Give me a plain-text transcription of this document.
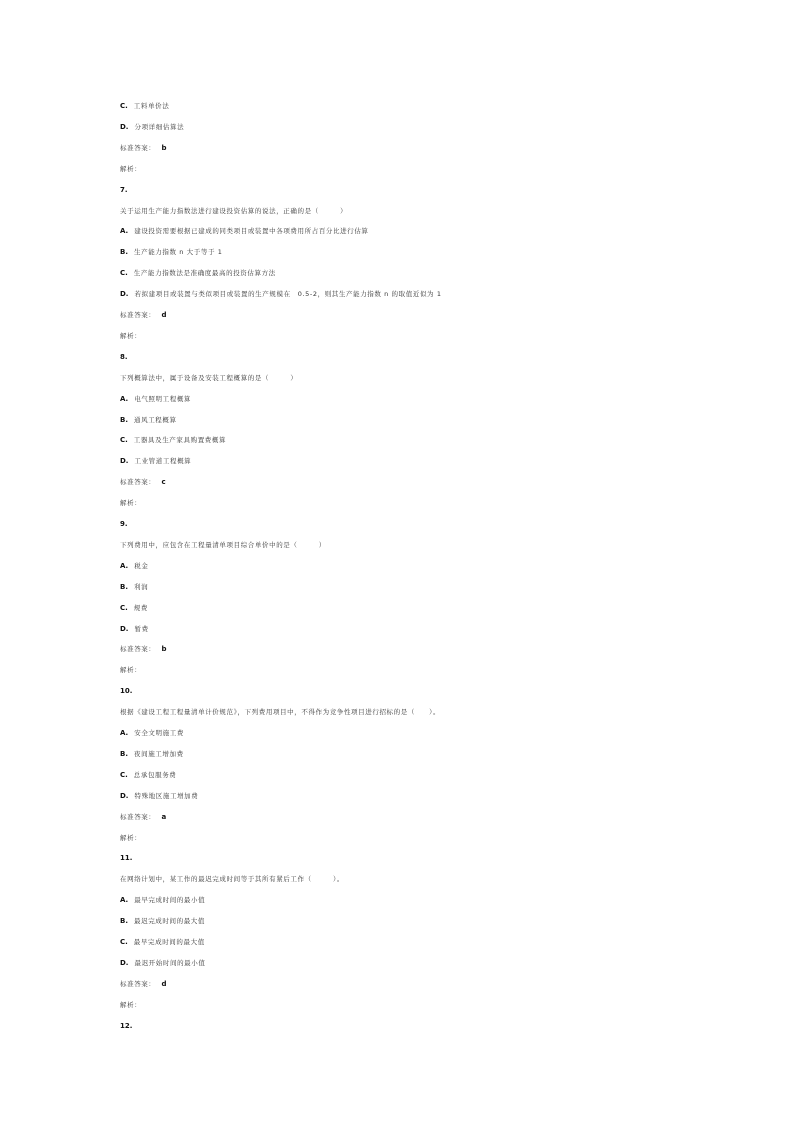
C. 工料单价法
D. 分项详细估算法
标准答案： b
解析：
7.
关于运用生产能力指数法进行建设投资估算的说法，正确的是（　　　）
A. 建设投资需要根据已建成的同类项目或装置中各项费用所占百分比进行估算
B. 生产能力指数 n 大于等于 1
C. 生产能力指数法是准确度最高的投资估算方法
D. 若拟建项目或装置与类似项目或装置的生产规模在　0.5-2，则其生产能力指数 n 的取值近似为 1
标准答案： d
解析：
8.
下列概算法中，属于设备及安装工程概算的是（　　　）
A. 电气照明工程概算
B. 通风工程概算
C. 工器具及生产家具购置费概算
D. 工业管道工程概算
标准答案： c
解析：
9.
下列费用中，应包含在工程量清单项目综合单价中的是（　　　）
A. 税金
B. 利润
C. 规费
D. 暂费
标准答案： b
解析：
10.
根据《建设工程工程量清单计价规范》，下列费用项目中，不得作为竞争性项目进行招标的是（　　）。
A. 安全文明施工费
B. 夜间施工增加费
C. 总承包服务费
D. 特殊地区施工增加费
标准答案： a
解析：
11.
在网络计划中，某工作的最迟完成时间等于其所有紧后工作（　　　）。
A. 最早完成时间的最小值
B. 最迟完成时间的最大值
C. 最早完成时间的最大值
D. 最迟开始时间的最小值
标准答案： d
解析：
12.
